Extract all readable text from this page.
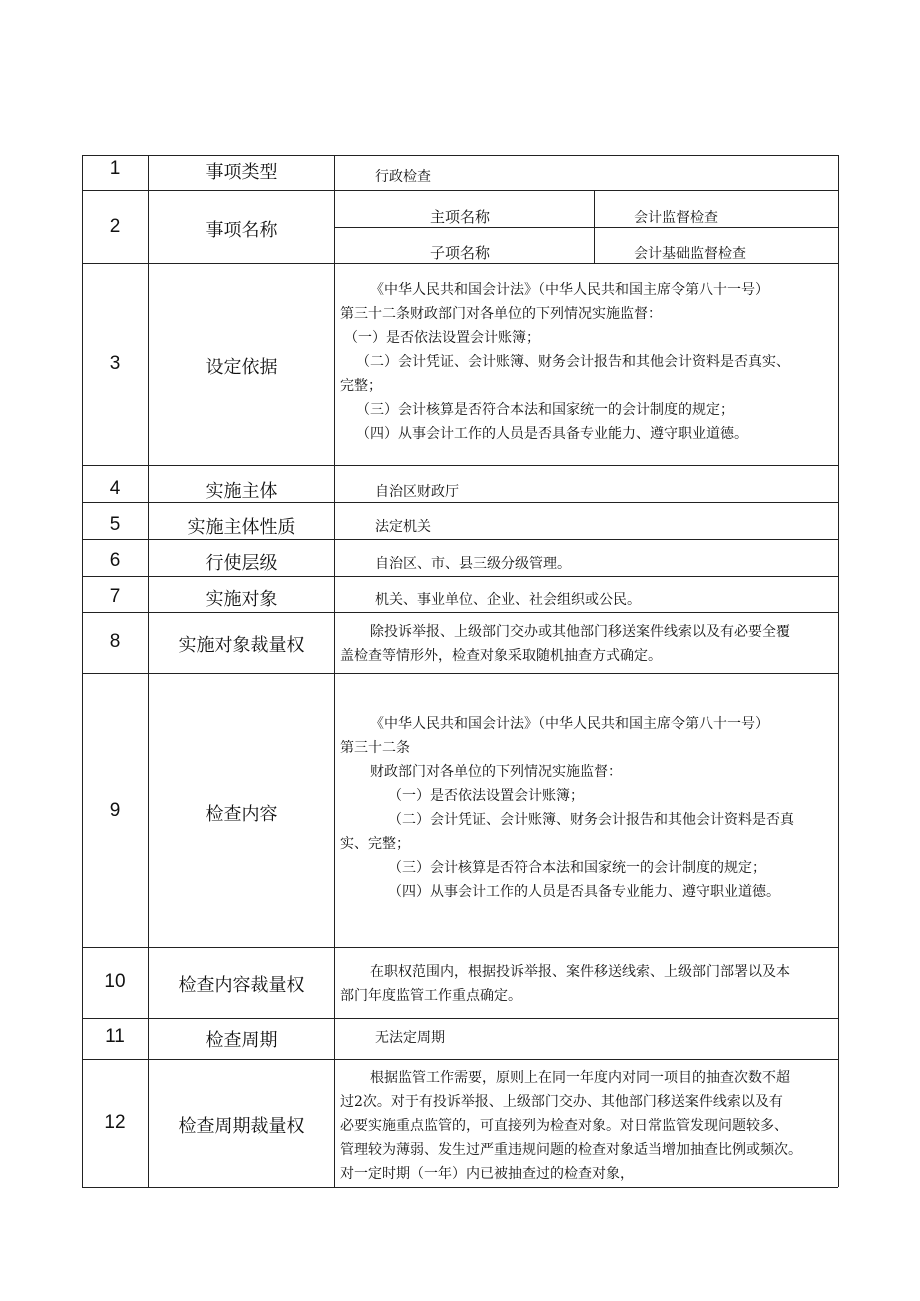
1	事项类型	行政检查
2	事项名称
主项名称	会计监督检查
子项名称	会计基础监督检查
3	设定依据

《中华人民共和国会计法》（中华人民共和国主席令第八十一号）

第三十二条财政部门对各单位的下列情况实施监督：

（一）是否依法设置会计账簿；

（二）会计凭证、会计账簿、财务会计报告和其他会计资料是否真实、

完整；

（三）会计核算是否符合本法和国家统一的会计制度的规定；

（四）从事会计工作的人员是否具备专业能力、遵守职业道德。

4	实施主体	自治区财政厅
5	实施主体性质	法定机关
6	行使层级	自治区、市、县三级分级管理。
7	实施对象	机关、事业单位、企业、社会组织或公民。
8	实施对象裁量权

除投诉举报、上级部门交办或其他部门移送案件线索以及有必要全覆

盖检查等情形外，检查对象采取随机抽查方式确定。

9	检查内容

《中华人民共和国会计法》（中华人民共和国主席令第八十一号）

第三十二条

财政部门对各单位的下列情况实施监督：

（一）是否依法设置会计账簿；

（二）会计凭证、会计账簿、财务会计报告和其他会计资料是否真

实、完整；

（三）会计核算是否符合本法和国家统一的会计制度的规定；

（四）从事会计工作的人员是否具备专业能力、遵守职业道德。

10	检查内容裁量权

在职权范围内，根据投诉举报、案件移送线索、上级部门部署以及本

部门年度监管工作重点确定。

11	检查周期	无法定周期
12	检查周期裁量权

根据监管工作需要，原则上在同一年度内对同一项目的抽查次数不超

过2次。对于有投诉举报、上级部门交办、其他部门移送案件线索以及有

必要实施重点监管的，可直接列为检查对象。对日常监管发现问题较多、

管理较为薄弱、发生过严重违规问题的检查对象适当增加抽查比例或频次。

对一定时期（一年）内已被抽查过的检查对象，
